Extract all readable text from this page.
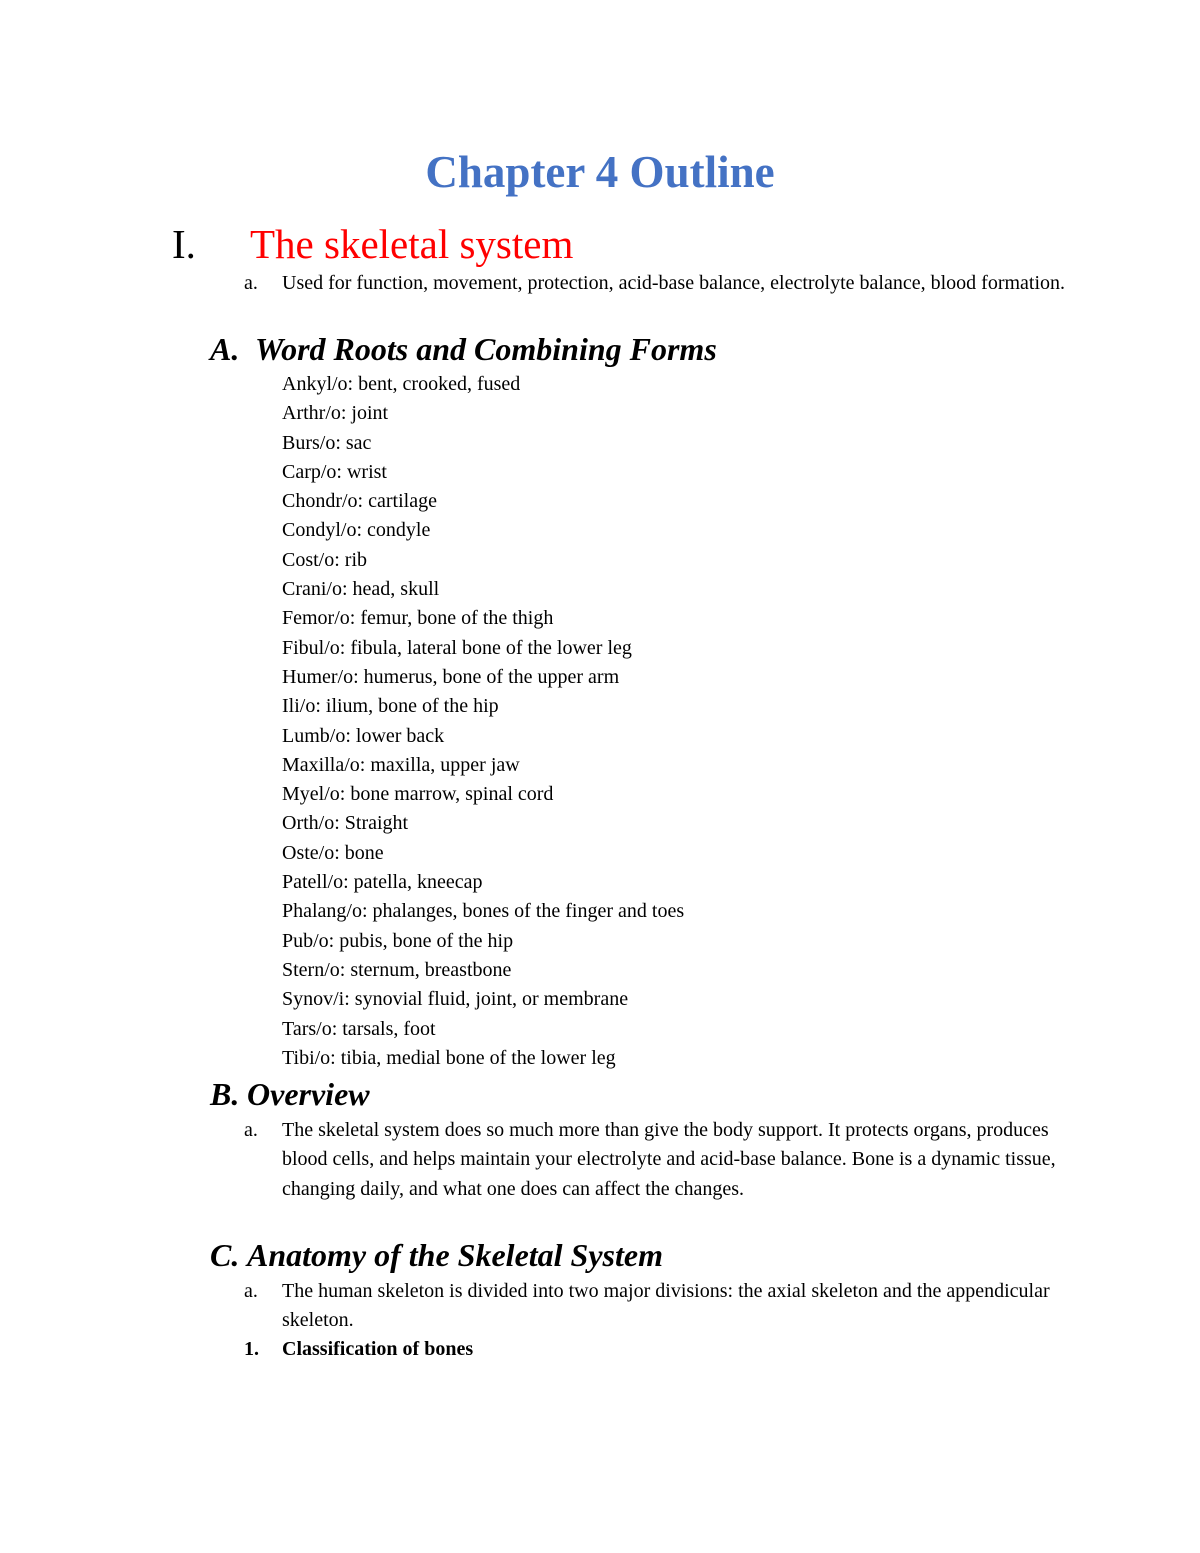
Chapter 4 Outline
I.	The skeletal system
a.	Used for function, movement, protection, acid-base balance, electrolyte balance, blood formation.
A. Word Roots and Combining Forms
Ankyl/o: bent, crooked, fused
Arthr/o: joint
Burs/o: sac
Carp/o: wrist
Chondr/o: cartilage
Condyl/o: condyle
Cost/o: rib
Crani/o: head, skull
Femor/o: femur, bone of the thigh
Fibul/o: fibula, lateral bone of the lower leg
Humer/o: humerus, bone of the upper arm
Ili/o: ilium, bone of the hip
Lumb/o: lower back
Maxilla/o: maxilla, upper jaw
Myel/o: bone marrow, spinal cord
Orth/o: Straight
Oste/o: bone
Patell/o: patella, kneecap
Phalang/o: phalanges, bones of the finger and toes
Pub/o: pubis, bone of the hip
Stern/o: sternum, breastbone
Synov/i: synovial fluid, joint, or membrane
Tars/o: tarsals, foot
Tibi/o: tibia, medial bone of the lower leg
B. Overview
a.	The skeletal system does so much more than give the body support. It protects organs, produces blood cells, and helps maintain your electrolyte and acid-base balance. Bone is a dynamic tissue, changing daily, and what one does can affect the changes.
C. Anatomy of the Skeletal System
a.	The human skeleton is divided into two major divisions: the axial skeleton and the appendicular skeleton.
1.	Classification of bones
